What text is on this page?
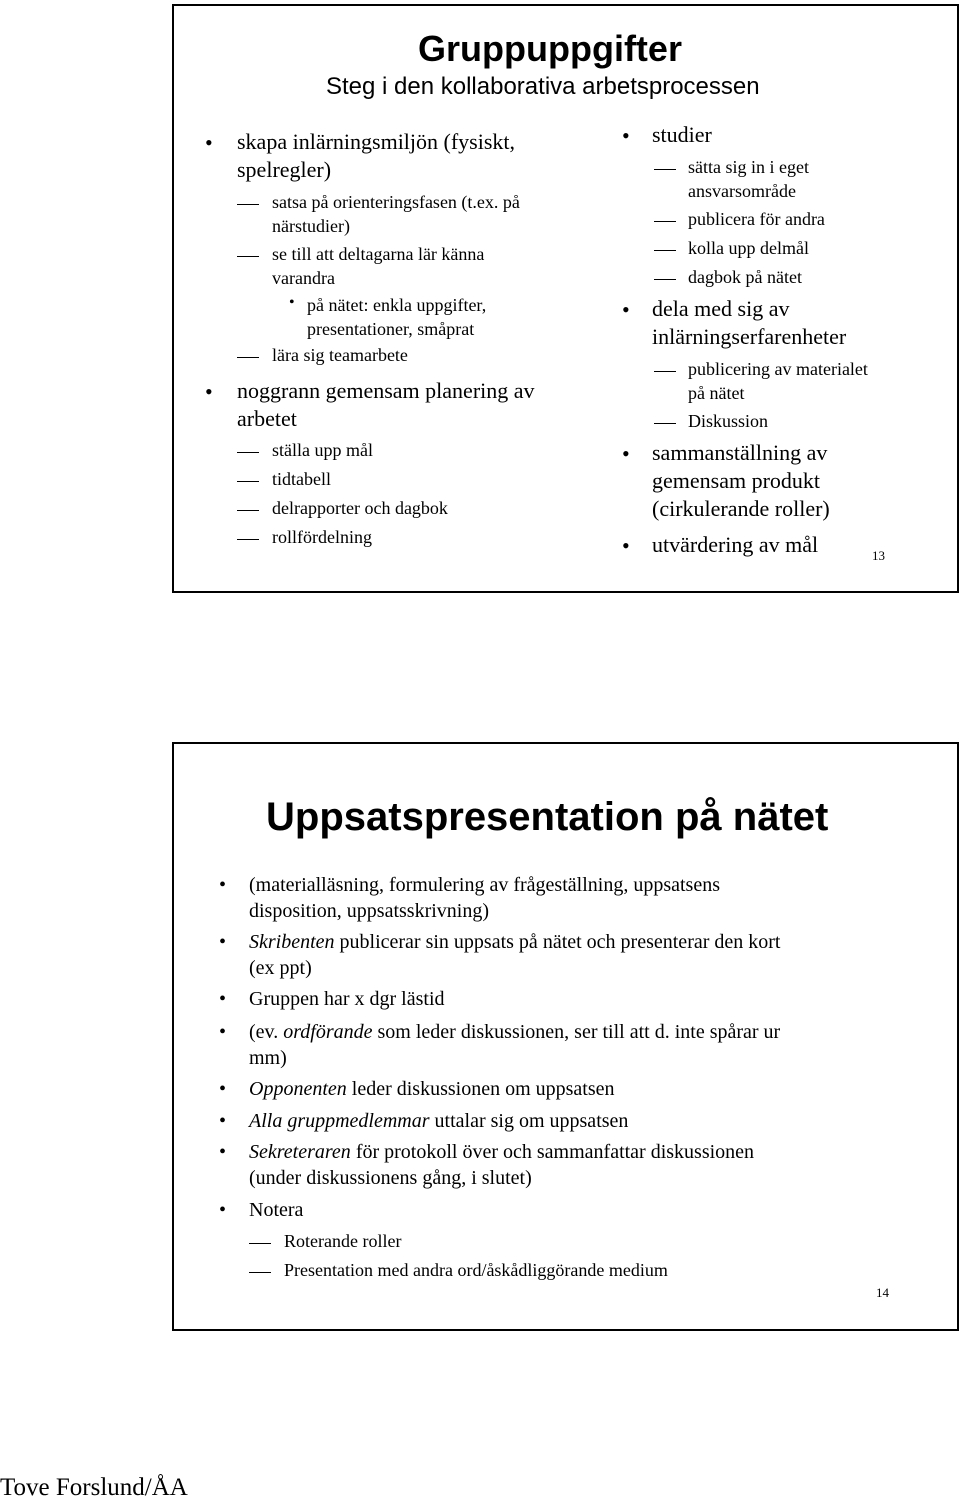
Gruppuppgifter
Steg i den kollaborativa arbetsprocessen
• skapa inlärningsmiljön (fysiskt,
spelregler)
satsa på orienteringsfasen (t.ex. på
närstudier)
se till att deltagarna lär känna
varandra
• på nätet: enkla uppgifter,
presentationer, småprat
lära sig teamarbete
• noggrann gemensam planering av
arbetet
ställa upp mål
tidtabell
delrapporter och dagbok
rollfördelning
• studier
sätta sig in i eget
ansvarsområde
publicera för andra
kolla upp delmål
dagbok på nätet
• dela med sig av
inlärningserfarenheter
publicering av materialet
på nätet
Diskussion
• sammanställning av
gemensam produkt
(cirkulerande roller)
• utvärdering av mål	13
Uppsatspresentation på nätet
• (materialläsning, formulering av frågeställning, uppsatsens
disposition, uppsatsskrivning)
• Skribenten publicerar sin uppsats på nätet och presenterar den kort
(ex ppt)
• Gruppen har x dgr lästid
• (ev. ordförande som leder diskussionen, ser till att d. inte spårar ur
mm)
• Opponenten leder diskussionen om uppsatsen
• Alla gruppmedlemmar uttalar sig om uppsatsen
• Sekreteraren för protokoll över och sammanfattar diskussionen
(under diskussionens gång, i slutet)
• Notera
Roterande roller
Presentation med andra ord/åskådliggörande medium
14
Tove Forslund/ÅA
